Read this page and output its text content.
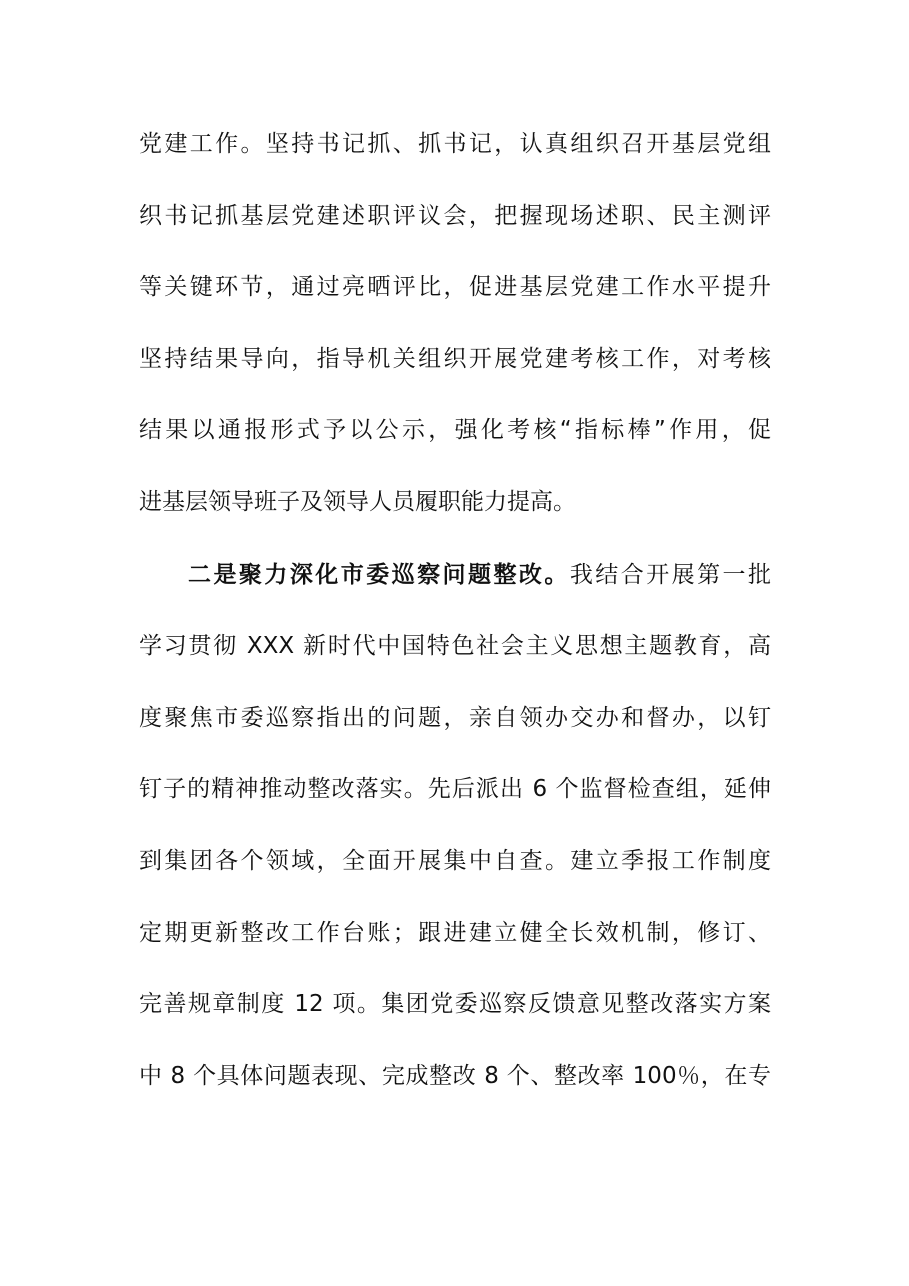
党建工作。坚持书记抓、抓书记，认真组织召开基层党组
织书记抓基层党建述职评议会，把握现场述职、民主测评
等关键环节，通过亮晒评比，促进基层党建工作水平提升
坚持结果导向，指导机关组织开展党建考核工作，对考核
结果以通报形式予以公示，强化考核“指标棒”作用，促
进基层领导班子及领导人员履职能力提高。
二是聚力深化市委巡察问题整改。我结合开展第一批
学习贯彻 XXX 新时代中国特色社会主义思想主题教育，高
度聚焦市委巡察指出的问题，亲自领办交办和督办，以钉
钉子的精神推动整改落实。先后派出 6 个监督检查组，延伸
到集团各个领域，全面开展集中自查。建立季报工作制度
定期更新整改工作台账；跟进建立健全长效机制，修订、
完善规章制度 12 项。集团党委巡察反馈意见整改落实方案
中 8 个具体问题表现、完成整改 8 个、整改率 100％，在专
